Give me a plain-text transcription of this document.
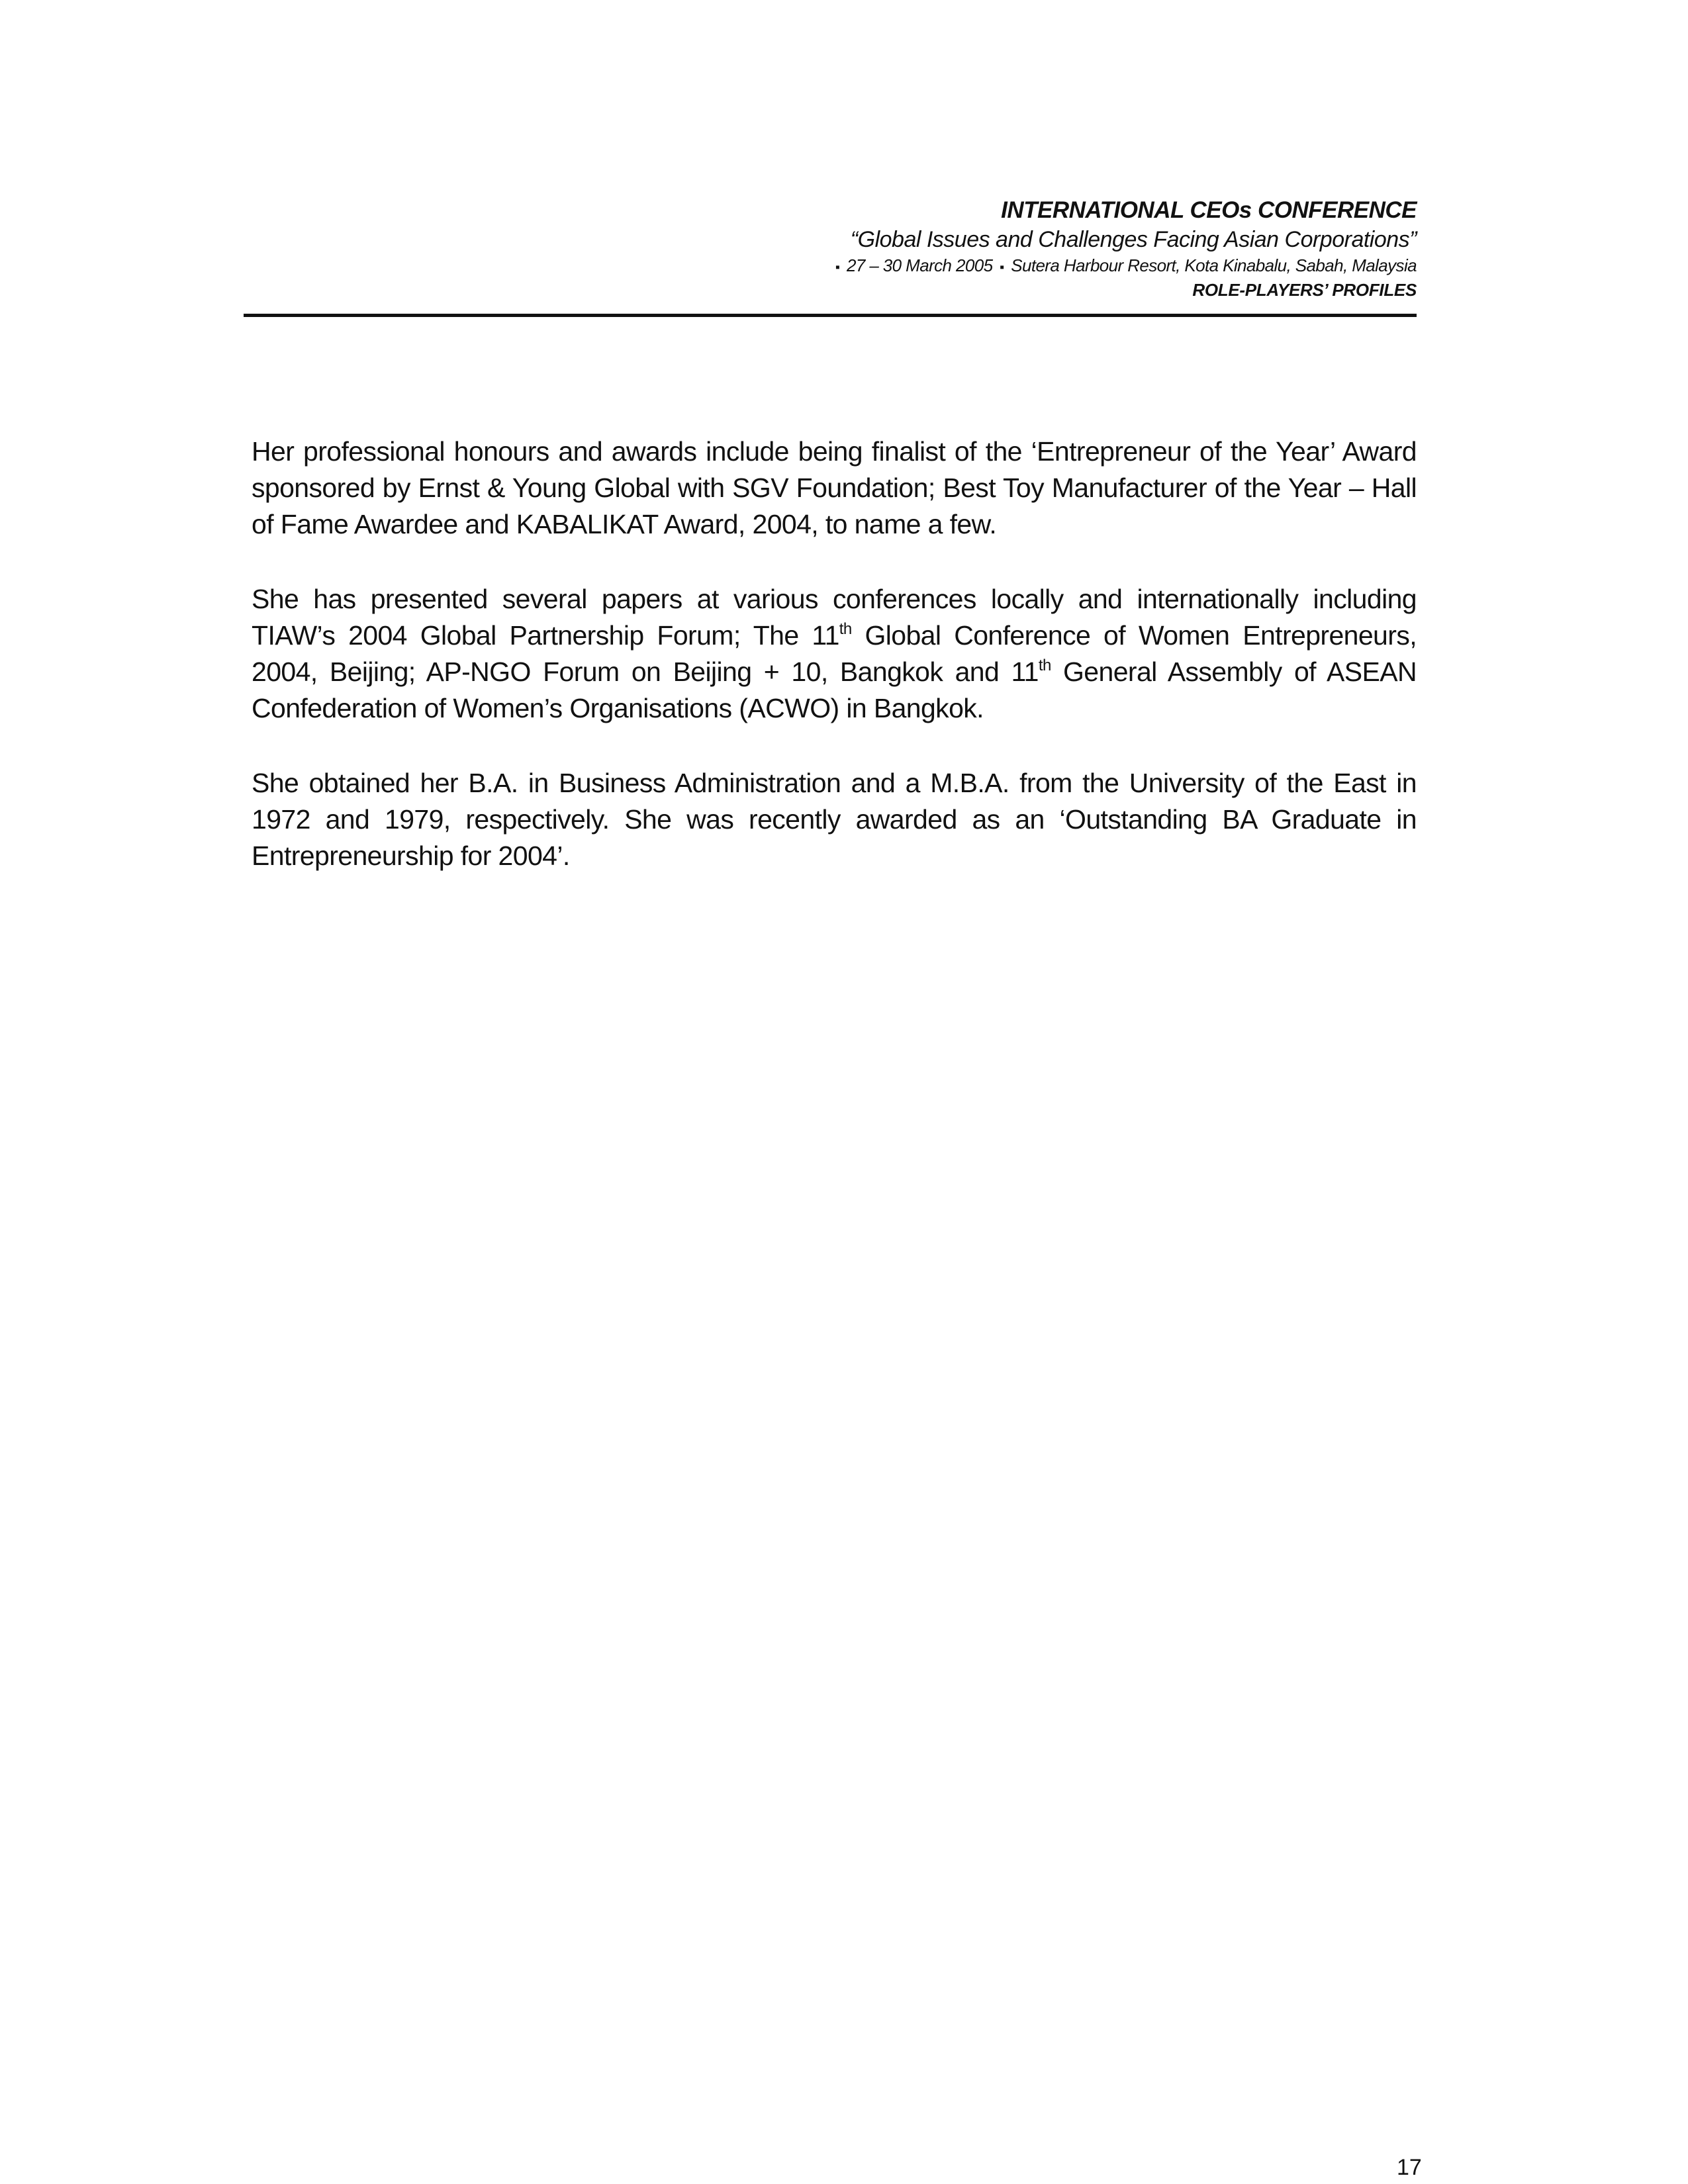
INTERNATIONAL CEOs CONFERENCE
“Global Issues and Challenges Facing Asian Corporations”
▪ 27 – 30 March 2005 ▪ Sutera Harbour Resort, Kota Kinabalu, Sabah, Malaysia
ROLE-PLAYERS’ PROFILES

Her professional honours and awards include being finalist of the ‘Entrepreneur of the Year’ Award sponsored by Ernst & Young Global with SGV Foundation; Best Toy Manufacturer of the Year – Hall of Fame Awardee and KABALIKAT Award, 2004, to name a few.

She has presented several papers at various conferences locally and internationally including TIAW’s 2004 Global Partnership Forum; The 11th Global Conference of Women Entrepreneurs, 2004, Beijing; AP-NGO Forum on Beijing + 10, Bangkok and 11th General Assembly of ASEAN Confederation of Women’s Organisations (ACWO) in Bangkok.

She obtained her B.A. in Business Administration and a M.B.A. from the University of the East in 1972 and 1979, respectively. She was recently awarded as an ‘Outstanding BA Graduate in Entrepreneurship for 2004’.

17
